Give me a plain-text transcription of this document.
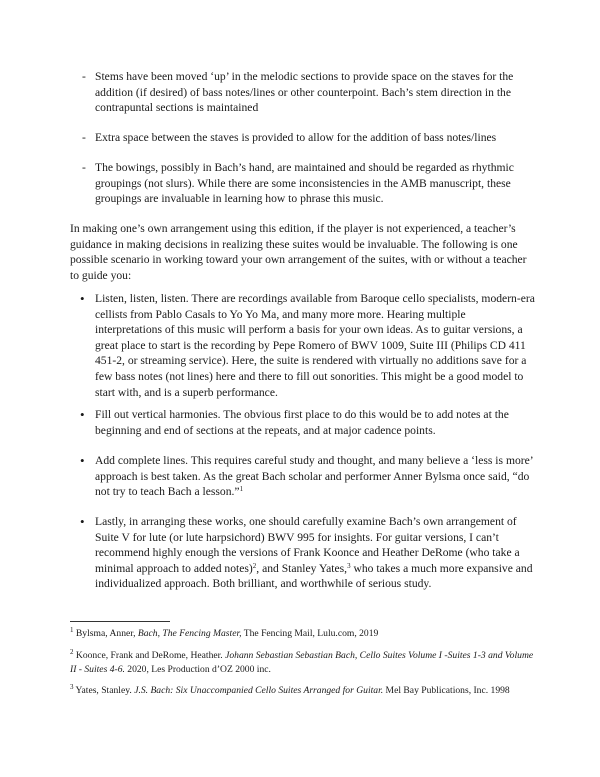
- Stems have been moved ‘up’ in the melodic sections to provide space on the staves for the addition (if desired) of bass notes/lines or other counterpoint. Bach’s stem direction in the contrapuntal sections is maintained
- Extra space between the staves is provided to allow for the addition of bass notes/lines
- The bowings, possibly in Bach’s hand, are maintained and should be regarded as rhythmic groupings (not slurs). While there are some inconsistencies in the AMB manuscript, these groupings are invaluable in learning how to phrase this music.
In making one’s own arrangement using this edition, if the player is not experienced, a teacher’s guidance in making decisions in realizing these suites would be invaluable. The following is one possible scenario in working toward your own arrangement of the suites, with or without a teacher to guide you:
• Listen, listen, listen. There are recordings available from Baroque cello specialists, modern-era cellists from Pablo Casals to Yo Yo Ma, and many more more. Hearing multiple interpretations of this music will perform a basis for your own ideas. As to guitar versions, a great place to start is the recording by Pepe Romero of BWV 1009, Suite III (Philips CD 411 451-2, or streaming service). Here, the suite is rendered with virtually no additions save for a few bass notes (not lines) here and there to fill out sonorities. This might be a good model to start with, and is a superb performance.
• Fill out vertical harmonies. The obvious first place to do this would be to add notes at the beginning and end of sections at the repeats, and at major cadence points.
• Add complete lines. This requires careful study and thought, and many believe a ‘less is more’ approach is best taken. As the great Bach scholar and performer Anner Bylsma once said, “do not try to teach Bach a lesson.”$^1$
• Lastly, in arranging these works, one should carefully examine Bach’s own arrangement of Suite V for lute (or lute harpsichord) BWV 995 for insights. For guitar versions, I can’t recommend highly enough the versions of Frank Koonce and Heather DeRome (who take a minimal approach to added notes)$^2$, and Stanley Yates,$^3$ who takes a much more expansive and individualized approach. Both brilliant, and worthwhile of serious study.
$^1$ Bylsma, Anner, Bach, The Fencing Master, The Fencing Mail, Lulu.com, 2019
$^2$ Koonce, Frank and DeRome, Heather. Johann Sebastian Sebastian Bach, Cello Suites Volume I -Suites 1-3 and Volume II - Suites 4-6. 2020, Les Production d’OZ 2000 inc.
$^3$ Yates, Stanley. J.S. Bach: Six Unaccompanied Cello Suites Arranged for Guitar. Mel Bay Publications, Inc. 1998
